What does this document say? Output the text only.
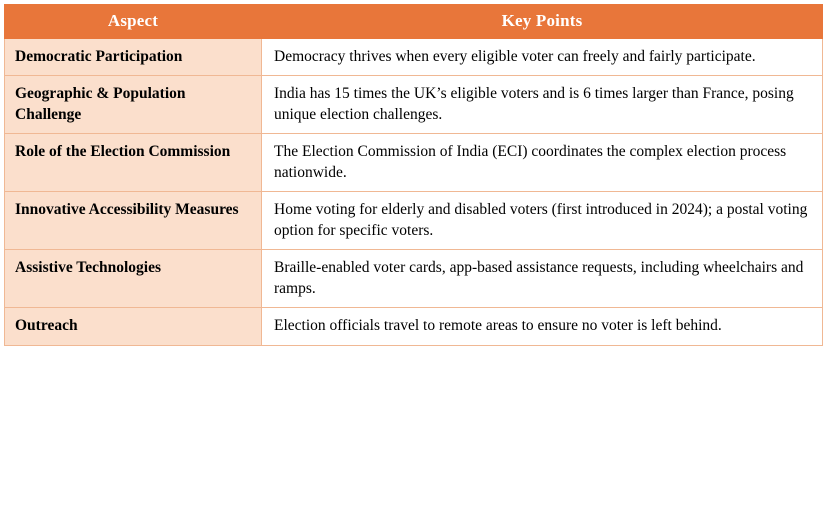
Aspect	Key Points
Democratic Participation	Democracy thrives when every eligible voter can freely and fairly participate.
Geographic & Population Challenge	India has 15 times the UK’s eligible voters and is 6 times larger than France, posing unique election challenges.
Role of the Election Commission	The Election Commission of India (ECI) coordinates the complex election process nationwide.
Innovative Accessibility Measures	Home voting for elderly and disabled voters (first introduced in 2024); a postal voting option for specific voters.
Assistive Technologies	Braille-enabled voter cards, app-based assistance requests, including wheelchairs and ramps.
Outreach	Election officials travel to remote areas to ensure no voter is left behind.
